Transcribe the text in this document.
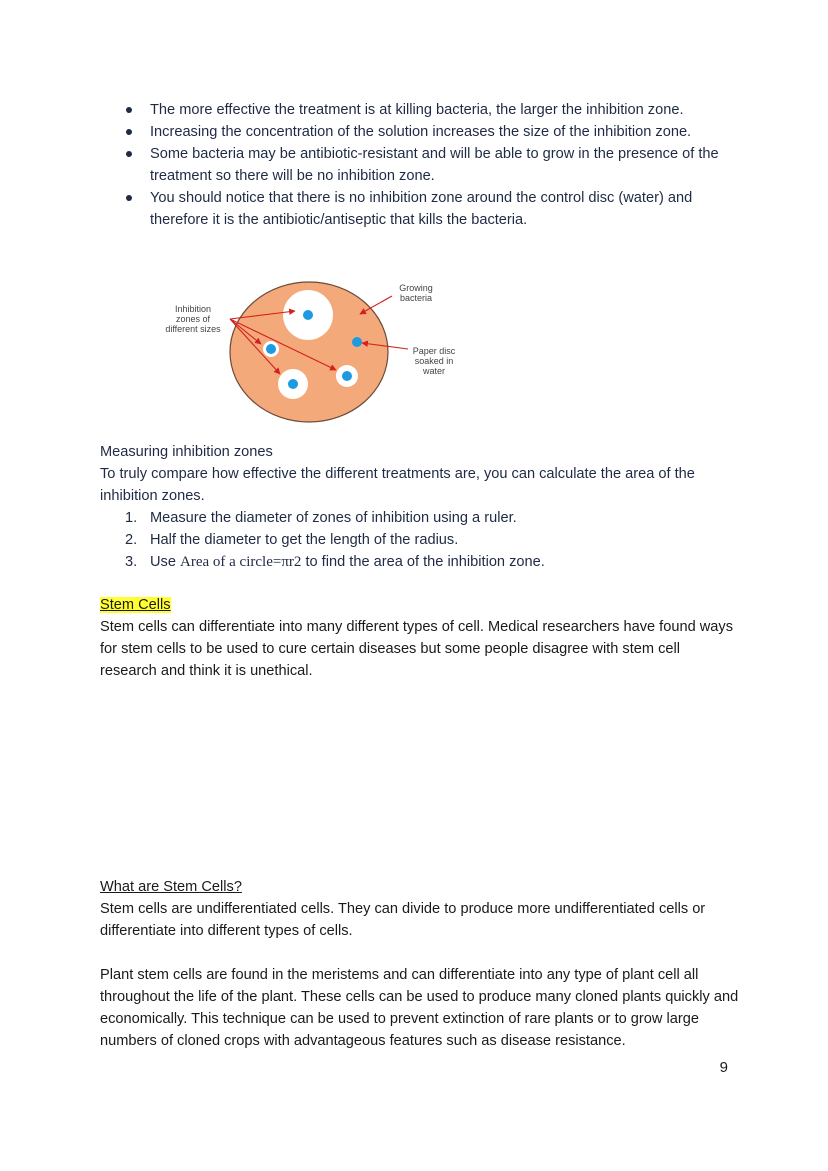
The more effective the treatment is at killing bacteria, the larger the inhibition zone.
Increasing the concentration of the solution increases the size of the inhibition zone.
Some bacteria may be antibiotic-resistant and will be able to grow in the presence of the treatment so there will be no inhibition zone.
You should notice that there is no inhibition zone around the control disc (water) and therefore it is the antibiotic/antiseptic that kills the bacteria.
Inhibition
zones of
different sizes
Growing
bacteria
Paper disc
soaked in
water
Measuring inhibition zones
To truly compare how effective the different treatments are, you can calculate the area of the inhibition zones.
1. Measure the diameter of zones of inhibition using a ruler.
2. Half the diameter to get the length of the radius.
3. Use Area of a circle=πr2 to find the area of the inhibition zone.
Stem Cells
Stem cells can differentiate into many different types of cell. Medical researchers have found ways for stem cells to be used to cure certain diseases but some people disagree with stem cell research and think it is unethical.
What are Stem Cells?
Stem cells are undifferentiated cells. They can divide to produce more undifferentiated cells or differentiate into different types of cells.
Plant stem cells are found in the meristems and can differentiate into any type of plant cell all throughout the life of the plant. These cells can be used to produce many cloned plants quickly and economically. This technique can be used to prevent extinction of rare plants or to grow large numbers of cloned crops with advantageous features such as disease resistance.
9
